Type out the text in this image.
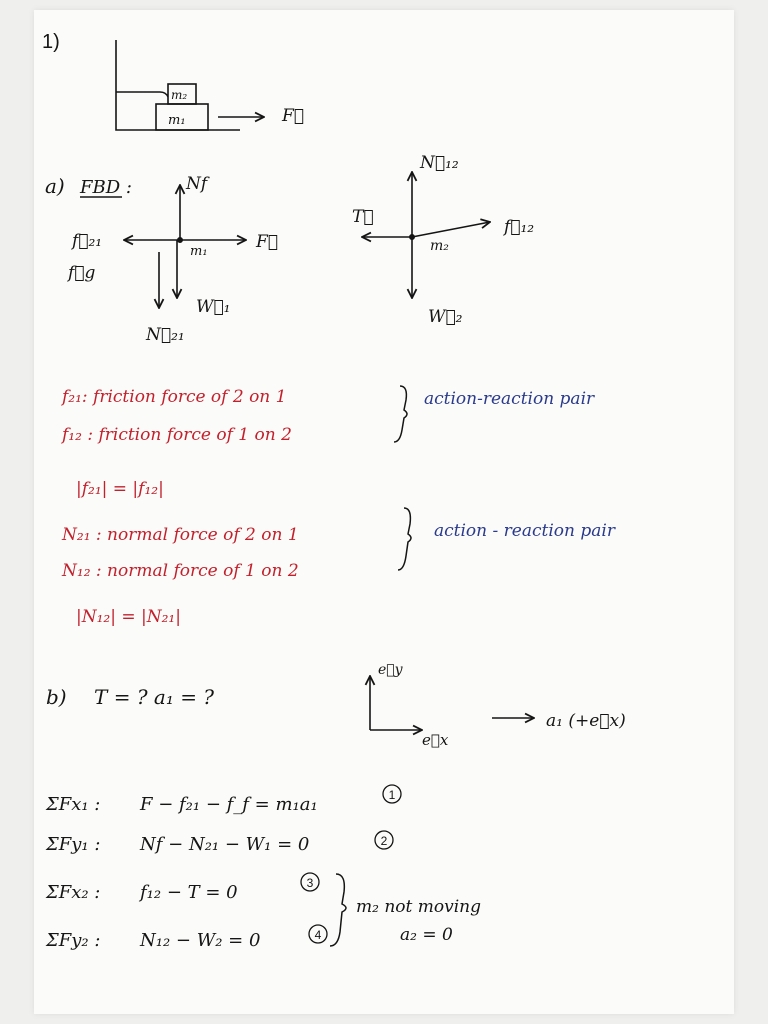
1)
m₂
m₁	F⃗
a) FBD :	Nf
f⃗₂₁
f⃗g
m₁	F⃗
W⃗₁
N⃗₂₁
N⃗₁₂
T⃗
m₂
f⃗₁₂
W⃗₂
f₂₁: friction force of 2 on 1
f₁₂ : friction force of 1 on 2
action-reaction pair
|f₂₁| = |f₁₂|
N₂₁ : normal force of 2 on 1
N₁₂ : normal force of 1 on 2
action - reaction pair
|N₁₂| = |N₂₁|
b) T = ? a₁ = ?
e⃗y
e⃗x
a₁ (+e⃗x)
ΣFx₁ : F − f₂₁ − f_f = m₁a₁	1
ΣFy₁ : Nf − N₂₁ − W₁ = 0	2
ΣFx₂ : f₁₂ − T = 0	3
ΣFy₂ : N₁₂ − W₂ = 0	4
m₂ not moving
a₂ = 0
